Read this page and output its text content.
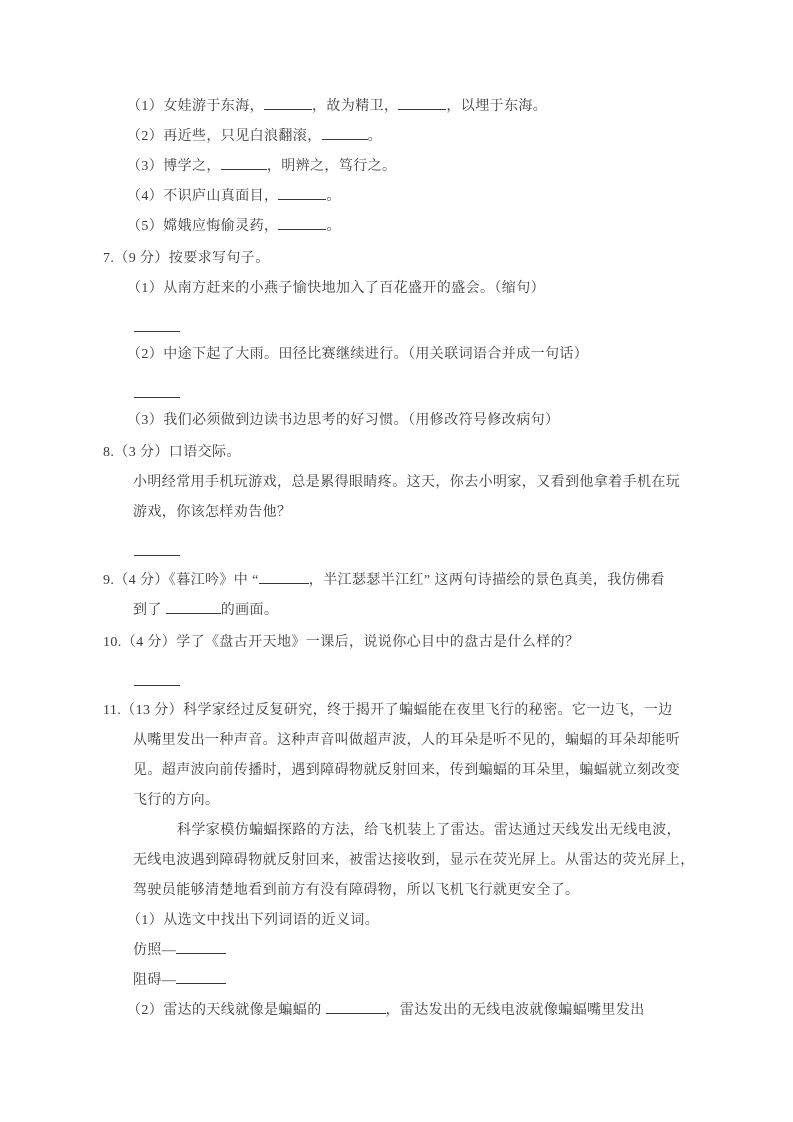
（1）女娃游于东海，	，故为精卫，	，以埋于东海。
（2）再近些，只见白浪翻滚，	。
（3）博学之，	，明辨之，笃行之。
（4）不识庐山真面目，	。
（5）嫦娥应悔偷灵药，	。
7.（9 分）按要求写句子。
（1）从南方赶来的小燕子愉快地加入了百花盛开的盛会。（缩句）
（2）中途下起了大雨。田径比赛继续进行。（用关联词语合并成一句话）
（3）我们必须做到边读书边思考的好习惯。（用修改符号修改病句）
8.（3 分）口语交际。
小明经常用手机玩游戏，总是累得眼睛疼。这天，你去小明家，又看到他拿着手机在玩
游戏，你该怎样劝告他？
9.（4 分）《暮江吟》中 “	，半江瑟瑟半江红” 这两句诗描绘的景色真美，我仿佛看
到了	的画面。
10.（4 分）学了《盘古开天地》一课后，说说你心目中的盘古是什么样的？
11.（13 分）科学家经过反复研究，终于揭开了蝙蝠能在夜里飞行的秘密。它一边飞，一边
从嘴里发出一种声音。这种声音叫做超声波，人的耳朵是听不见的，蝙蝠的耳朵却能听
见。超声波向前传播时，遇到障碍物就反射回来，传到蝙蝠的耳朵里，蝙蝠就立刻改变
飞行的方向。
科学家模仿蝙蝠探路的方法，给飞机装上了雷达。雷达通过天线发出无线电波，
无线电波遇到障碍物就反射回来，被雷达接收到，显示在荧光屏上。从雷达的荧光屏上，
驾驶员能够清楚地看到前方有没有障碍物，所以飞机飞行就更安全了。
（1）从选文中找出下列词语的近义词。
仿照—
阻碍—
（2）雷达的天线就像是蝙蝠的	，雷达发出的无线电波就像蝙蝠嘴里发出
